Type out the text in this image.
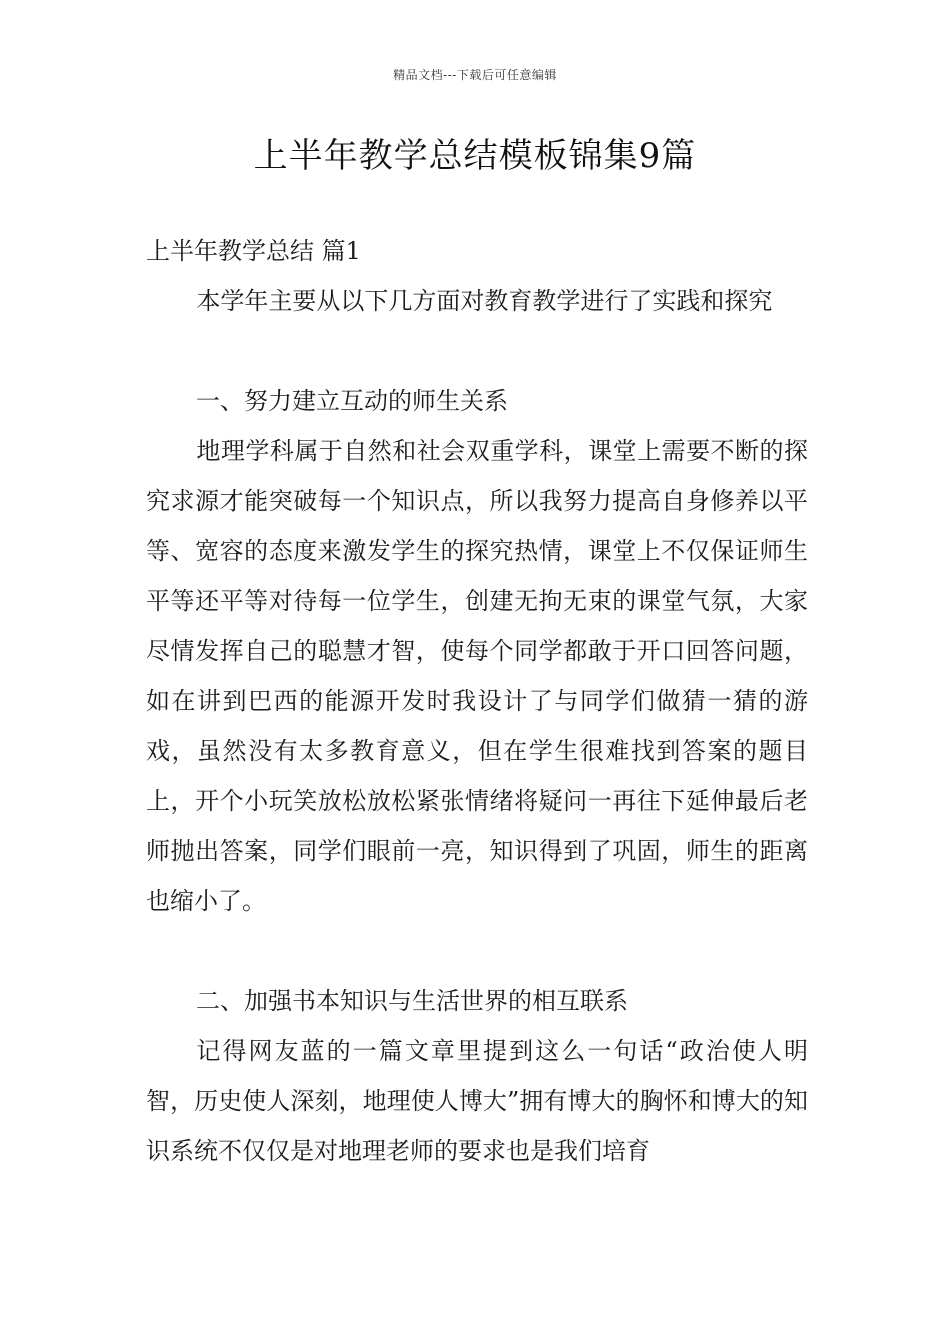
精品文档---下载后可任意编辑
上半年教学总结模板锦集9篇

上半年教学总结 篇1

本学年主要从以下几方面对教育教学进行了实践和探究

一、努力建立互动的师生关系

地理学科属于自然和社会双重学科，课堂上需要不断的探究求源才能突破每一个知识点，所以我努力提高自身修养以平等、宽容的态度来激发学生的探究热情，课堂上不仅保证师生平等还平等对待每一位学生，创建无拘无束的课堂气氛，大家尽情发挥自己的聪慧才智，使每个同学都敢于开口回答问题，如在讲到巴西的能源开发时我设计了与同学们做猜一猜的游戏，虽然没有太多教育意义，但在学生很难找到答案的题目上，开个小玩笑放松放松紧张情绪将疑问一再往下延伸最后老师抛出答案，同学们眼前一亮，知识得到了巩固，师生的距离也缩小了。

二、加强书本知识与生活世界的相互联系

记得网友蓝的一篇文章里提到这么一句话“政治使人明智，历史使人深刻，地理使人博大”拥有博大的胸怀和博大的知识系统不仅仅是对地理老师的要求也是我们培育
